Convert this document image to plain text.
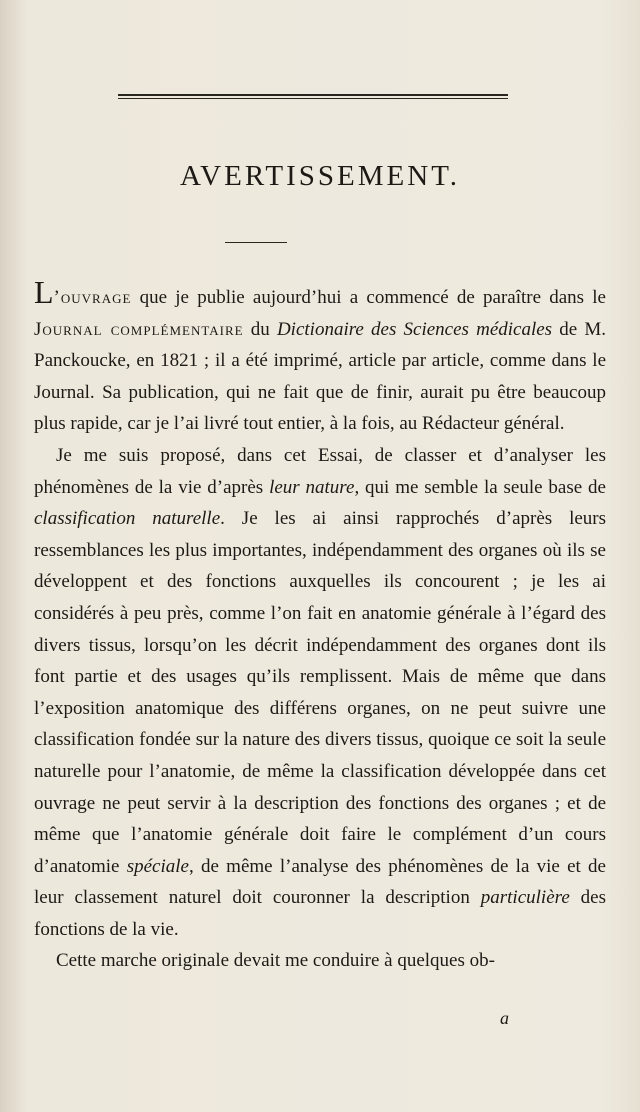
AVERTISSEMENT.

L’ouvrage que je publie aujourd’hui a commencé de paraître dans le Journal complémentaire du Dictionaire des Sciences médicales de M. Panckoucke, en 1821 ; il a été imprimé, article par article, comme dans le Journal. Sa publication, qui ne fait que de finir, aurait pu être beaucoup plus rapide, car je l’ai livré tout entier, à la fois, au Rédacteur général.

Je me suis proposé, dans cet Essai, de classer et d’analyser les phénomènes de la vie d’après leur nature, qui me semble la seule base de classification naturelle. Je les ai ainsi rapprochés d’après leurs ressemblances les plus importantes, indépendamment des organes où ils se développent et des fonctions auxquelles ils concourent ; je les ai considérés à peu près, comme l’on fait en anatomie générale à l’égard des divers tissus, lorsqu’on les décrit indépendamment des organes dont ils font partie et des usages qu’ils remplissent. Mais de même que dans l’exposition anatomique des différens organes, on ne peut suivre une classification fondée sur la nature des divers tissus, quoique ce soit la seule naturelle pour l’anatomie, de même la classification développée dans cet ouvrage ne peut servir à la description des fonctions des organes ; et de même que l’anatomie générale doit faire le complément d’un cours d’anatomie spéciale, de même l’analyse des phénomènes de la vie et de leur classement naturel doit couronner la description particulière des fonctions de la vie.

Cette marche originale devait me conduire à quelques ob-

a
